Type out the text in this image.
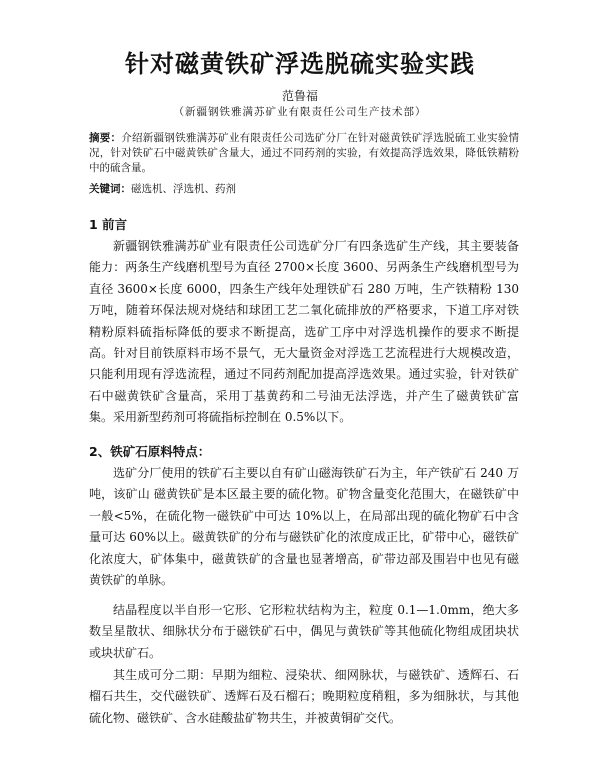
针对磁黄铁矿浮选脱硫实验实践
范鲁福
（新疆钢铁雅满苏矿业有限责任公司生产技术部）
摘要：介绍新疆钢铁雅满苏矿业有限责任公司选矿分厂在针对磁黄铁矿浮选脱硫工业实验情况，针对铁矿石中磁黄铁矿含量大，通过不同药剂的实验，有效提高浮选效果，降低铁精粉中的硫含量。
关键词：磁选机、浮选机、药剂
1 前言

新疆钢铁雅满苏矿业有限责任公司选矿分厂有四条选矿生产线，其主要装备能力：两条生产线磨机型号为直径 2700×长度 3600、另两条生产线磨机型号为直径 3600×长度 6000，四条生产线年处理铁矿石 280 万吨，生产铁精粉 130 万吨，随着环保法规对烧结和球团工艺二氧化硫排放的严格要求，下道工序对铁精粉原料硫指标降低的要求不断提高，选矿工序中对浮选机操作的要求不断提高。针对目前铁原料市场不景气，无大量资金对浮选工艺流程进行大规模改造，只能利用现有浮选流程，通过不同药剂配加提高浮选效果。通过实验，针对铁矿石中磁黄铁矿含量高，采用丁基黄药和二号油无法浮选，并产生了磁黄铁矿富集。采用新型药剂可将硫指标控制在 0.5%以下。

2、铁矿石原料特点：

选矿分厂使用的铁矿石主要以自有矿山磁海铁矿石为主，年产铁矿石 240 万吨，该矿山 磁黄铁矿是本区最主要的硫化物。矿物含量变化范围大，在磁铁矿中一般<5%，在硫化物一磁铁矿中可达 10%以上，在局部出现的硫化物矿石中含量可达 60%以上。磁黄铁矿的分布与磁铁矿化的浓度成正比，矿带中心，磁铁矿化浓度大，矿体集中，磁黄铁矿的含量也显著增高，矿带边部及围岩中也见有磁黄铁矿的单脉。

结晶程度以半自形一它形、它形粒状结构为主，粒度 0.1—1.0mm，绝大多数呈星散状、细脉状分布于磁铁矿石中，偶见与黄铁矿等其他硫化物组成团块状或块状矿石。

其生成可分二期：早期为细粒、浸染状、细网脉状，与磁铁矿、透辉石、石榴石共生，交代磁铁矿、透辉石及石榴石；晚期粒度稍粗，多为细脉状，与其他硫化物、磁铁矿、含水硅酸盐矿物共生，并被黄铜矿交代。
